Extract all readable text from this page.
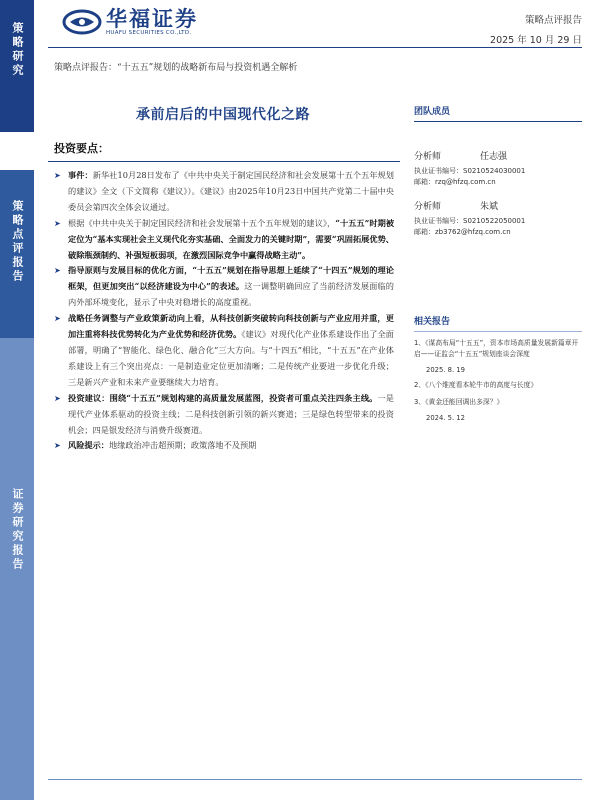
策略研究
策略点评报告
证券研究报告
华福证券
HUAFU SECURITIES CO.,LTD.
策略点评报告
2025 年 10 月 29 日
策略点评报告：“十五五”规划的战略新布局与投资机遇全解析
承前启后的中国现代化之路
投资要点：
➤ 事件：新华社10月28日发布了《中共中央关于制定国民经济和社会发展第十五个五年规划的建议》全文（下文简称《建议》）。《建议》由2025年10月23日中国共产党第二十届中央委员会第四次全体会议通过。
➤ 根据《中共中央关于制定国民经济和社会发展第十五个五年规划的建议》，“十五五”时期被定位为“基本实现社会主义现代化夯实基础、全面发力的关键时期”，需要“巩固拓展优势、破除瓶颈制约、补强短板弱项，在激烈国际竞争中赢得战略主动”。
➤ 指导原则与发展目标的优化方面，“十五五”规划在指导思想上延续了“十四五”规划的理论框架，但更加突出“以经济建设为中心”的表述。这一调整明确回应了当前经济发展面临的内外部环境变化，显示了中央对稳增长的高度重视。
➤ 战略任务调整与产业政策新动向上看，从科技创新突破转向科技创新与产业应用并重，更加注重将科技优势转化为产业优势和经济优势。《建议》对现代化产业体系建设作出了全面部署，明确了“智能化、绿色化、融合化”三大方向。与“十四五”相比，“十五五”在产业体系建设上有三个突出亮点：一是制造业定位更加清晰；二是传统产业要进一步优化升级；三是新兴产业和未来产业要继续大力培育。
➤ 投资建议：围绕“十五五”规划构建的高质量发展蓝图，投资者可重点关注四条主线。一是现代产业体系驱动的投资主线；二是科技创新引领的新兴赛道；三是绿色转型带来的投资机会；四是银发经济与消费升级赛道。
➤ 风险提示：地缘政治冲击超预期；政策落地不及预期
团队成员
分析师	任志强
执业证书编号：S0210524030001
邮箱：rzq@hfzq.com.cn
分析师	朱斌
执业证书编号：S0210522050001
邮箱：zb3762@hfzq.com.cn
相关报告
1、《谋高布局“十五五”，资本市场高质量发展新篇章开启——证监会“十五五”规划座谈会深度
2025. 8. 19
2、《八个维度看本轮牛市的高度与长度》
3、《黄金还能回调出多深？》
2024. 5. 12
